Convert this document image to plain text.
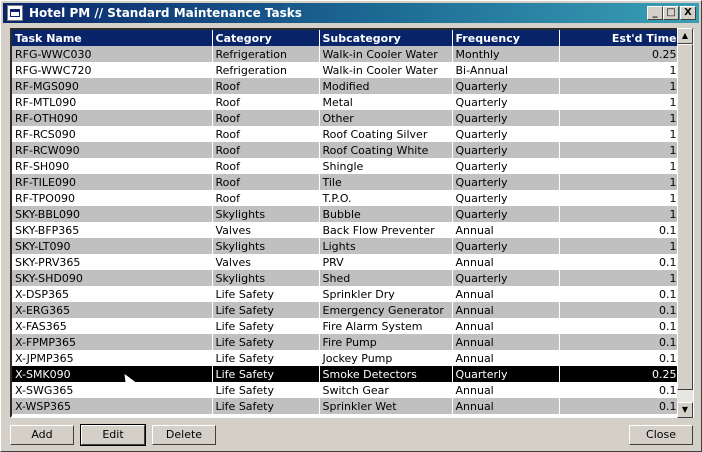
Hotel PM // Standard Maintenance Tasks	_ □ X
Task Name	Category	Subcategory	Frequency	Est'd Time
RFG-WWC030	Refrigeration	Walk-in Cooler Water	Monthly	0.25
RFG-WWC720	Refrigeration	Walk-in Cooler Water	Bi-Annual	1
RF-MGS090	Roof	Modified	Quarterly	1
RF-MTL090	Roof	Metal	Quarterly	1
RF-OTH090	Roof	Other	Quarterly	1
RF-RCS090	Roof	Roof Coating Silver	Quarterly	1
RF-RCW090	Roof	Roof Coating White	Quarterly	1
RF-SH090	Roof	Shingle	Quarterly	1
RF-TILE090	Roof	Tile	Quarterly	1
RF-TPO090	Roof	T.P.O.	Quarterly	1
SKY-BBL090	Skylights	Bubble	Quarterly	1
SKY-BFP365	Valves	Back Flow Preventer	Annual	0.1
SKY-LT090	Skylights	Lights	Quarterly	1
SKY-PRV365	Valves	PRV	Annual	0.1
SKY-SHD090	Skylights	Shed	Quarterly	1
X-DSP365	Life Safety	Sprinkler Dry	Annual	0.1
X-ERG365	Life Safety	Emergency Generator	Annual	0.1
X-FAS365	Life Safety	Fire Alarm System	Annual	0.1
X-FPMP365	Life Safety	Fire Pump	Annual	0.1
X-JPMP365	Life Safety	Jockey Pump	Annual	0.1
X-SMK090	Life Safety	Smoke Detectors	Quarterly	0.25
X-SWG365	Life Safety	Switch Gear	Annual	0.1
X-WSP365	Life Safety	Sprinkler Wet	Annual	0.1
▲
▼
Add	Edit	Delete	Close
